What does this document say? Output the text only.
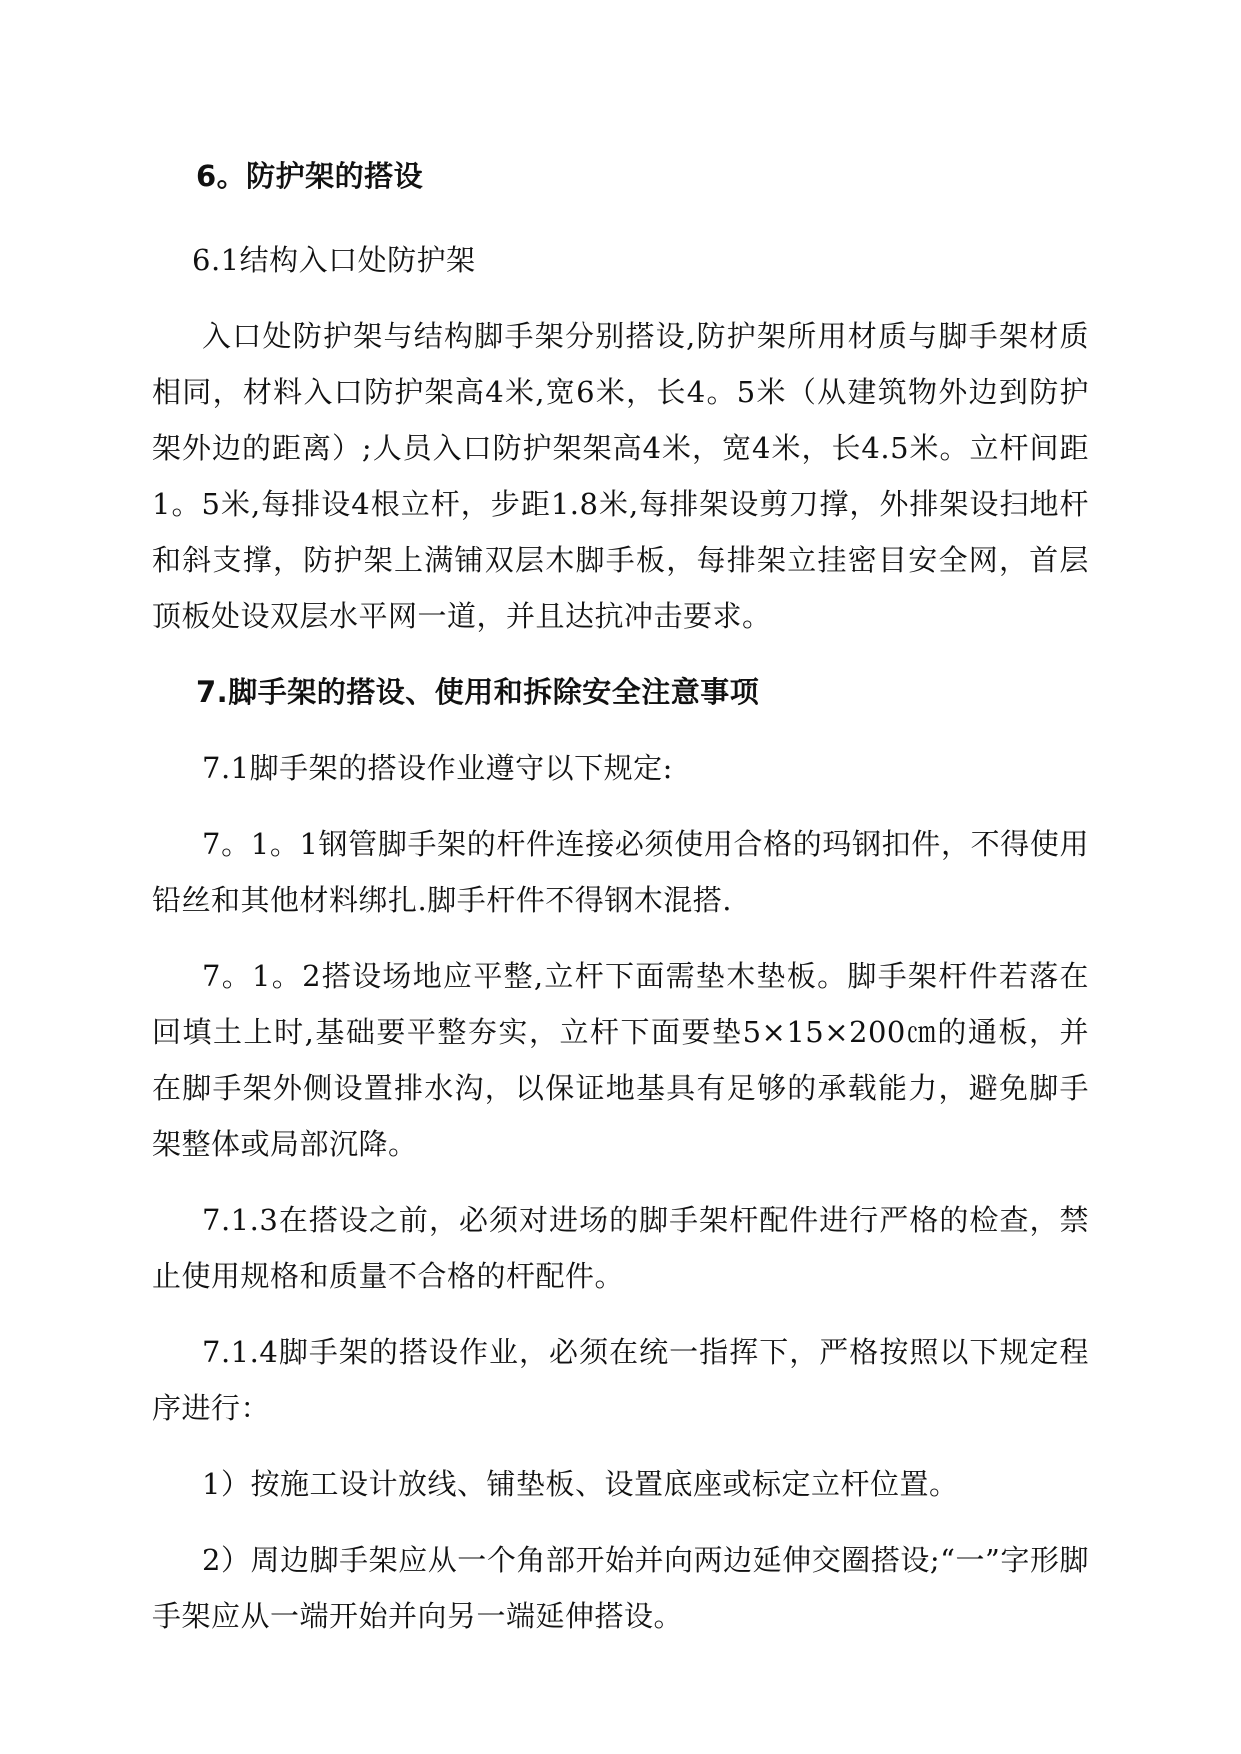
6。防护架的搭设

6.1结构入口处防护架

入口处防护架与结构脚手架分别搭设,防护架所用材质与脚手架材质相同，材料入口防护架高4米,宽6米，长4。5米（从建筑物外边到防护架外边的距离）;人员入口防护架架高4米，宽4米，长4.5米。立杆间距1。5米,每排设4根立杆，步距1.8米,每排架设剪刀撑，外排架设扫地杆和斜支撑，防护架上满铺双层木脚手板，每排架立挂密目安全网，首层顶板处设双层水平网一道，并且达抗冲击要求。

7.脚手架的搭设、使用和拆除安全注意事项

7.1脚手架的搭设作业遵守以下规定:

7。1。1钢管脚手架的杆件连接必须使用合格的玛钢扣件，不得使用铅丝和其他材料绑扎.脚手杆件不得钢木混搭.

7。1。2搭设场地应平整,立杆下面需垫木垫板。脚手架杆件若落在回填土上时,基础要平整夯实，立杆下面要垫5×15×200㎝的通板，并在脚手架外侧设置排水沟，以保证地基具有足够的承载能力，避免脚手架整体或局部沉降。

7.1.3在搭设之前，必须对进场的脚手架杆配件进行严格的检查，禁止使用规格和质量不合格的杆配件。

7.1.4脚手架的搭设作业，必须在统一指挥下，严格按照以下规定程序进行：

1）按施工设计放线、铺垫板、设置底座或标定立杆位置。

2）周边脚手架应从一个角部开始并向两边延伸交圈搭设;“一”字形脚手架应从一端开始并向另一端延伸搭设。
